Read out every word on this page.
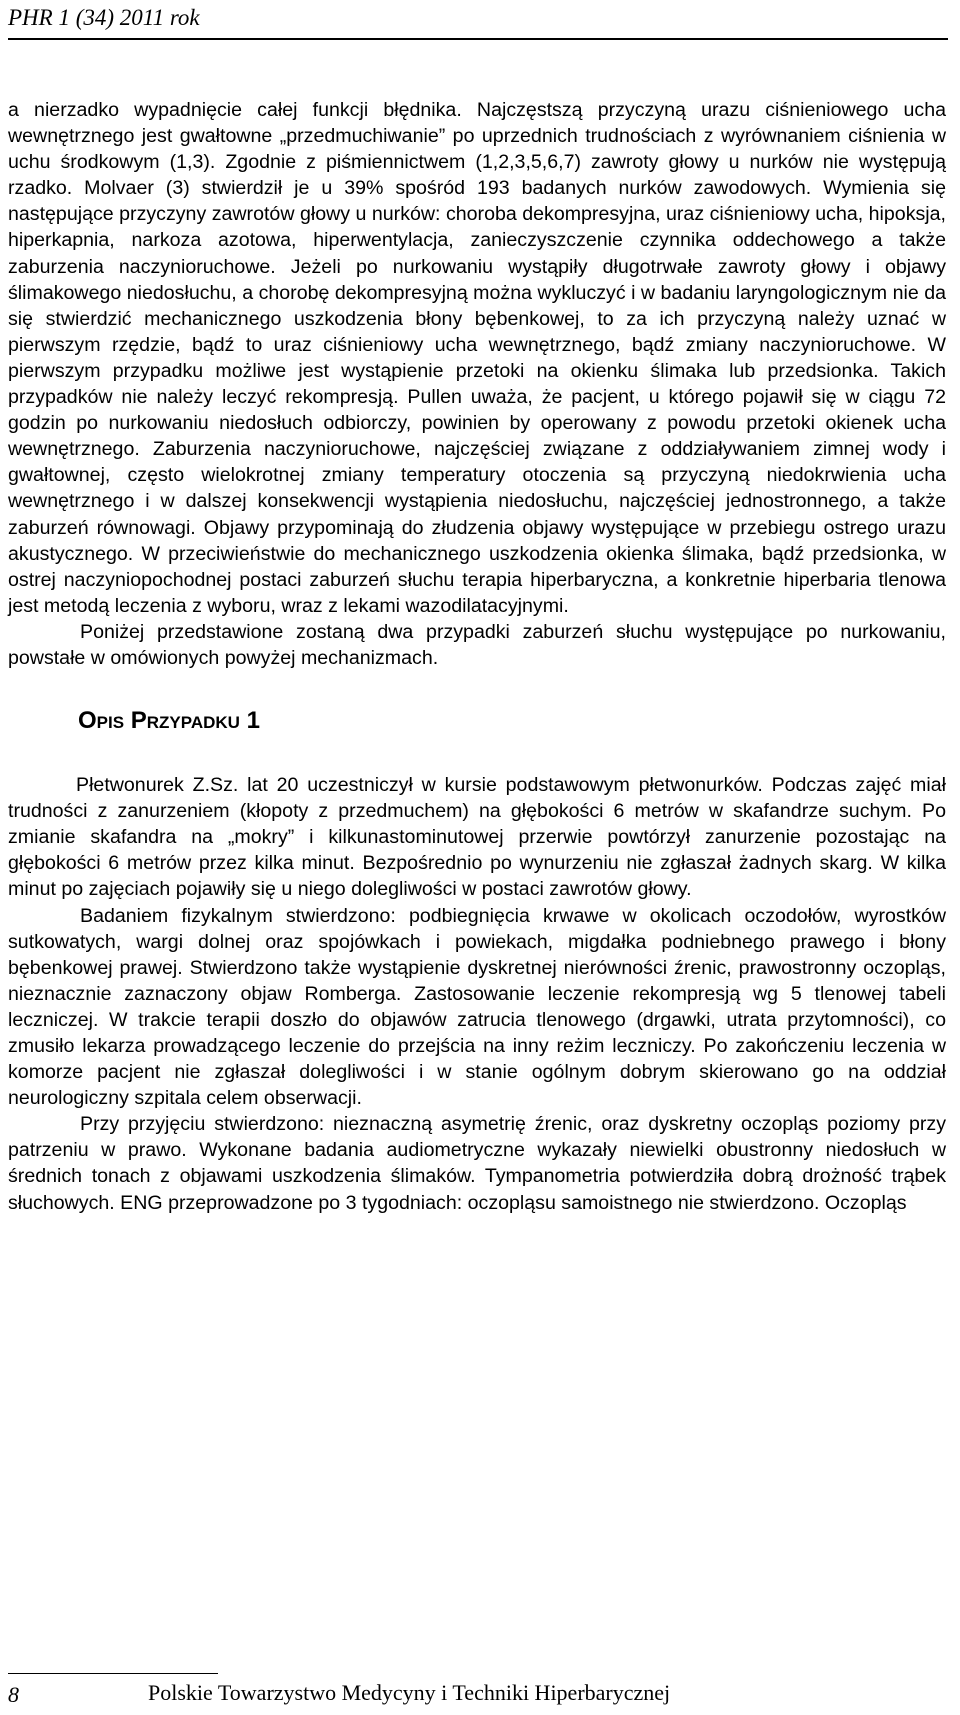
PHR 1 (34) 2011 rok

a nierzadko wypadnięcie całej funkcji błędnika. Najczęstszą przyczyną urazu ciśnieniowego ucha wewnętrznego jest gwałtowne „przedmuchiwanie” po uprzednich trudnościach z wyrównaniem ciśnienia w uchu środkowym (1,3). Zgodnie z piśmiennictwem (1,2,3,5,6,7) zawroty głowy u nurków nie występują rzadko. Molvaer (3) stwierdził je u 39% spośród 193 badanych nurków zawodowych. Wymienia się następujące przyczyny zawrotów głowy u nurków: choroba dekompresyjna, uraz ciśnieniowy ucha, hipoksja, hiperkapnia, narkoza azotowa, hiperwentylacja, zanieczyszczenie czynnika oddechowego a także zaburzenia naczynioruchowe. Jeżeli po nurkowaniu wystąpiły długotrwałe zawroty głowy i objawy ślimakowego niedosłuchu, a chorobę dekompresyjną można wykluczyć i w badaniu laryngologicznym nie da się stwierdzić mechanicznego uszkodzenia błony bębenkowej, to za ich przyczyną należy uznać w pierwszym rzędzie, bądź to uraz ciśnieniowy ucha wewnętrznego, bądź zmiany naczynioruchowe. W pierwszym przypadku możliwe jest wystąpienie przetoki na okienku ślimaka lub przedsionka. Takich przypadków nie należy leczyć rekompresją. Pullen uważa, że pacjent, u którego pojawił się w ciągu 72 godzin po nurkowaniu niedosłuch odbiorczy, powinien by operowany z powodu przetoki okienek ucha wewnętrznego. Zaburzenia naczynioruchowe, najczęściej związane z oddziaływaniem zimnej wody i gwałtownej, często wielokrotnej zmiany temperatury otoczenia są przyczyną niedokrwienia ucha wewnętrznego i w dalszej konsekwencji wystąpienia niedosłuchu, najczęściej jednostronnego, a także zaburzeń równowagi. Objawy przypominają do złudzenia objawy występujące w przebiegu ostrego urazu akustycznego. W przeciwieństwie do mechanicznego uszkodzenia okienka ślimaka, bądź przedsionka, w ostrej naczyniopochodnej postaci zaburzeń słuchu terapia hiperbaryczna, a konkretnie hiperbaria tlenowa jest metodą leczenia z wyboru, wraz z lekami wazodilatacyjnymi.

Poniżej przedstawione zostaną dwa przypadki zaburzeń słuchu występujące po nurkowaniu, powstałe w omówionych powyżej mechanizmach.

OPIS PRZYPADKU 1

Płetwonurek Z.Sz. lat 20 uczestniczył w kursie podstawowym płetwonurków. Podczas zajęć miał trudności z zanurzeniem (kłopoty z przedmuchem) na głębokości 6 metrów w skafandrze suchym. Po zmianie skafandra na „mokry” i kilkunastominutowej przerwie powtórzył zanurzenie pozostając na głębokości 6 metrów przez kilka minut. Bezpośrednio po wynurzeniu nie zgłaszał żadnych skarg. W kilka minut po zajęciach pojawiły się u niego dolegliwości w postaci zawrotów głowy.

Badaniem fizykalnym stwierdzono: podbiegnięcia krwawe w okolicach oczodołów, wyrostków sutkowatych, wargi dolnej oraz spojówkach i powiekach, migdałka podniebnego prawego i błony bębenkowej prawej. Stwierdzono także wystąpienie dyskretnej nierówności źrenic, prawostronny oczopląs, nieznacznie zaznaczony objaw Romberga. Zastosowanie leczenie rekompresją wg 5 tlenowej tabeli leczniczej. W trakcie terapii doszło do objawów zatrucia tlenowego (drgawki, utrata przytomności), co zmusiło lekarza prowadzącego leczenie do przejścia na inny reżim leczniczy. Po zakończeniu leczenia w komorze pacjent nie zgłaszał dolegliwości i w stanie ogólnym dobrym skierowano go na oddział neurologiczny szpitala celem obserwacji.

Przy przyjęciu stwierdzono: nieznaczną asymetrię źrenic, oraz dyskretny oczopląs poziomy przy patrzeniu w prawo. Wykonane badania audiometryczne wykazały niewielki obustronny niedosłuch w średnich tonach z objawami uszkodzenia ślimaków. Tympanometria potwierdziła dobrą drożność trąbek słuchowych. ENG przeprowadzone po 3 tygodniach: oczopląsu samoistnego nie stwierdzono. Oczopląs

8	Polskie Towarzystwo Medycyny i Techniki Hiperbarycznej
